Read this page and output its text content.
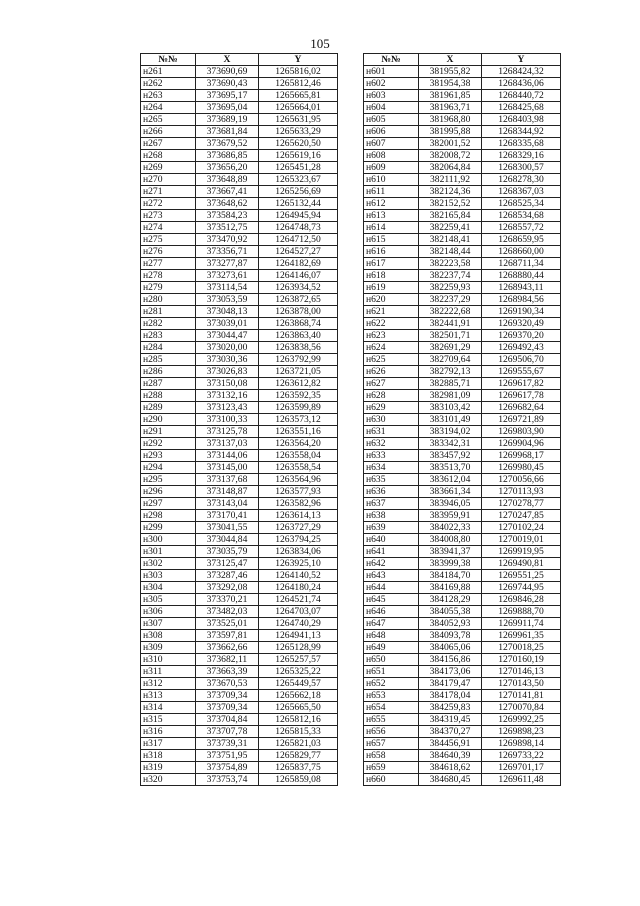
105
№№	X	Y
н261	373690,69	1265816,02
н262	373690,43	1265812,46
н263	373695,17	1265665,81
н264	373695,04	1265664,01
н265	373689,19	1265631,95
н266	373681,84	1265633,29
н267	373679,52	1265620,50
н268	373686,85	1265619,16
н269	373656,20	1265451,28
н270	373648,89	1265323,67
н271	373667,41	1265256,69
н272	373648,62	1265132,44
н273	373584,23	1264945,94
н274	373512,75	1264748,73
н275	373470,92	1264712,50
н276	373356,71	1264527,27
н277	373277,87	1264182,69
н278	373273,61	1264146,07
н279	373114,54	1263934,52
н280	373053,59	1263872,65
н281	373048,13	1263878,00
н282	373039,01	1263868,74
н283	373044,47	1263863,40
н284	373020,00	1263838,56
н285	373030,36	1263792,99
н286	373026,83	1263721,05
н287	373150,08	1263612,82
н288	373132,16	1263592,35
н289	373123,43	1263599,89
н290	373100,33	1263573,12
н291	373125,78	1263551,16
н292	373137,03	1263564,20
н293	373144,06	1263558,04
н294	373145,00	1263558,54
н295	373137,68	1263564,96
н296	373148,87	1263577,93
н297	373143,04	1263582,96
н298	373170,41	1263614,13
н299	373041,55	1263727,29
н300	373044,84	1263794,25
н301	373035,79	1263834,06
н302	373125,47	1263925,10
н303	373287,46	1264140,52
н304	373292,08	1264180,24
н305	373370,21	1264521,74
н306	373482,03	1264703,07
н307	373525,01	1264740,29
н308	373597,81	1264941,13
н309	373662,66	1265128,99
н310	373682,11	1265257,57
н311	373663,39	1265325,22
н312	373670,53	1265449,57
н313	373709,34	1265662,18
н314	373709,34	1265665,50
н315	373704,84	1265812,16
н316	373707,78	1265815,33
н317	373739,31	1265821,03
н318	373751,95	1265829,77
н319	373754,89	1265837,75
н320	373753,74	1265859,08
№№	X	Y
н601	381955,82	1268424,32
н602	381954,38	1268436,06
н603	381961,85	1268440,72
н604	381963,71	1268425,68
н605	381968,80	1268403,98
н606	381995,88	1268344,92
н607	382001,52	1268335,68
н608	382008,72	1268329,16
н609	382064,84	1268300,57
н610	382111,92	1268278,30
н611	382124,36	1268367,03
н612	382152,52	1268525,34
н613	382165,84	1268534,68
н614	382259,41	1268557,72
н615	382148,41	1268659,95
н616	382148,44	1268660,00
н617	382223,58	1268711,34
н618	382237,74	1268880,44
н619	382259,93	1268943,11
н620	382237,29	1268984,56
н621	382222,68	1269190,34
н622	382441,91	1269320,49
н623	382501,71	1269370,20
н624	382691,29	1269492,43
н625	382709,64	1269506,70
н626	382792,13	1269555,67
н627	382885,71	1269617,82
н628	382981,09	1269617,78
н629	383103,42	1269682,64
н630	383101,49	1269721,89
н631	383194,02	1269803,90
н632	383342,31	1269904,96
н633	383457,92	1269968,17
н634	383513,70	1269980,45
н635	383612,04	1270056,66
н636	383661,34	1270113,93
н637	383946,05	1270278,77
н638	383959,91	1270247,85
н639	384022,33	1270102,24
н640	384008,80	1270019,01
н641	383941,37	1269919,95
н642	383999,38	1269490,81
н643	384184,70	1269551,25
н644	384169,88	1269744,95
н645	384128,29	1269846,28
н646	384055,38	1269888,70
н647	384052,93	1269911,74
н648	384093,78	1269961,35
н649	384065,06	1270018,25
н650	384156,86	1270160,19
н651	384173,06	1270146,13
н652	384179,47	1270143,50
н653	384178,04	1270141,81
н654	384259,83	1270070,84
н655	384319,45	1269992,25
н656	384370,27	1269898,23
н657	384456,91	1269898,14
н658	384640,39	1269733,22
н659	384618,62	1269701,17
н660	384680,45	1269611,48
